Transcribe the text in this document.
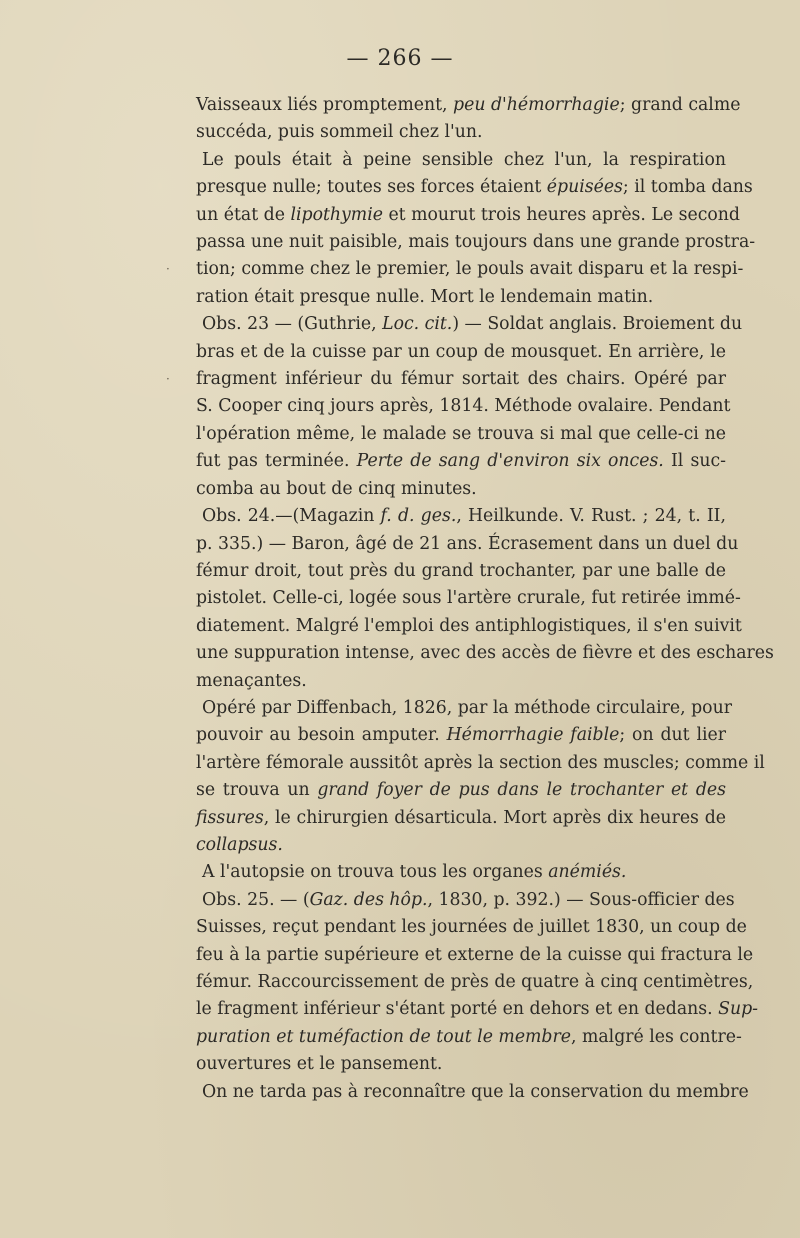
— 266 —
Vaisseaux liés promptement, peu d'hémorrhagie; grand calme
succéda, puis sommeil chez l'un.
Le pouls était à peine sensible chez l'un, la respiration
presque nulle; toutes ses forces étaient épuisées; il tomba dans
un état de lipothymie et mourut trois heures après. Le second
passa une nuit paisible, mais toujours dans une grande prostra-
tion; comme chez le premier, le pouls avait disparu et la respi-
ration était presque nulle. Mort le lendemain matin.
Obs. 23 — (Guthrie, Loc. cit.) — Soldat anglais. Broiement du
bras et de la cuisse par un coup de mousquet. En arrière, le
fragment inférieur du fémur sortait des chairs. Opéré par
S. Cooper cinq jours après, 1814. Méthode ovalaire. Pendant
l'opération même, le malade se trouva si mal que celle-ci ne
fut pas terminée. Perte de sang d'environ six onces. Il suc-
comba au bout de cinq minutes.
Obs. 24.—(Magazin f. d. ges., Heilkunde. V. Rust. ; 24, t. II,
p. 335.) — Baron, âgé de 21 ans. Écrasement dans un duel du
fémur droit, tout près du grand trochanter, par une balle de
pistolet. Celle-ci, logée sous l'artère crurale, fut retirée immé-
diatement. Malgré l'emploi des antiphlogistiques, il s'en suivit
une suppuration intense, avec des accès de fièvre et des eschares
menaçantes.
Opéré par Diffenbach, 1826, par la méthode circulaire, pour
pouvoir au besoin amputer. Hémorrhagie faible; on dut lier
l'artère fémorale aussitôt après la section des muscles; comme il
se trouva un grand foyer de pus dans le trochanter et des
fissures, le chirurgien désarticula. Mort après dix heures de
collapsus.
A l'autopsie on trouva tous les organes anémiés.
Obs. 25. — (Gaz. des hôp., 1830, p. 392.) — Sous-officier des
Suisses, reçut pendant les journées de juillet 1830, un coup de
feu à la partie supérieure et externe de la cuisse qui fractura le
fémur. Raccourcissement de près de quatre à cinq centimètres,
le fragment inférieur s'étant porté en dehors et en dedans. Sup-
puration et tuméfaction de tout le membre, malgré les contre-
ouvertures et le pansement.
On ne tarda pas à reconnaître que la conservation du membre
·
·
